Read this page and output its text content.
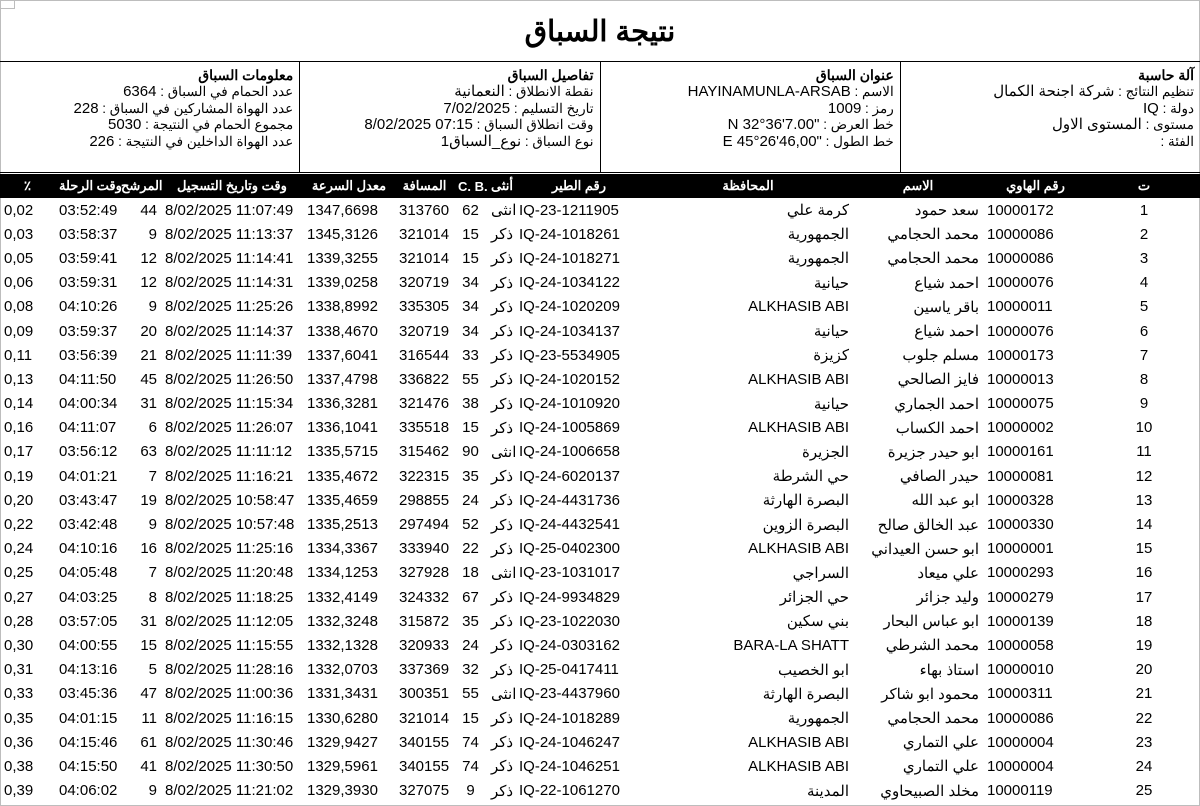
نتيجة السباق
آلة حاسبة
تنظيم النتائج : شركة اجنحة الكمال
دولة : IQ
مستوى : المستوى الاول
الفئة :
عنوان السباق
الاسم : HAYINAMUNLA-ARSAB
رمز : 1009
خط العرض : N 32°36'7.00"
خط الطول : E 45°26'46,00"
تفاصيل السباق
نقطة الانطلاق : النعمانية
تاريخ التسليم : 7/02/2025
وقت انطلاق السباق : 8/02/2025 07:15
نوع السباق : نوع_السباق1
معلومات السباق
عدد الحمام في السباق : 6364
عدد الهواة المشاركين في السباق : 228
مجموع الحمام في النتيجة : 5030
عدد الهواة الداخلين في النتيجة : 226
٪	وقت الرحلة	المرشح	وقت وتاريخ التسجيل	معدل السرعة	المسافة	C. B.	أنثى	رقم الطير	المحافظة	الاسم	رقم الهاوي	ت
0,02	03:52:49	44	8/02/2025 11:07:49	1347,6698	313760	62	انثى	IQ-23-1211905	كرمة علي	سعد حمود	10000172	1
0,03	03:58:37	9	8/02/2025 11:13:37	1345,3126	321014	15	ذكر	IQ-24-1018261	الجمهورية	محمد الحجامي	10000086	2
0,05	03:59:41	12	8/02/2025 11:14:41	1339,3255	321014	15	ذكر	IQ-24-1018271	الجمهورية	محمد الحجامي	10000086	3
0,06	03:59:31	12	8/02/2025 11:14:31	1339,0258	320719	34	ذكر	IQ-24-1034122	حيانية	احمد شياع	10000076	4
0,08	04:10:26	9	8/02/2025 11:25:26	1338,8992	335305	34	ذكر	IQ-24-1020209	ALKHASIB ABI	باقر ياسين	10000011	5
0,09	03:59:37	20	8/02/2025 11:14:37	1338,4670	320719	34	ذكر	IQ-24-1034137	حيانية	احمد شياع	10000076	6
0,11	03:56:39	21	8/02/2025 11:11:39	1337,6041	316544	33	ذكر	IQ-23-5534905	كزيزة	مسلم جلوب	10000173	7
0,13	04:11:50	45	8/02/2025 11:26:50	1337,4798	336822	55	ذكر	IQ-24-1020152	ALKHASIB ABI	فايز الصالحي	10000013	8
0,14	04:00:34	31	8/02/2025 11:15:34	1336,3281	321476	38	ذكر	IQ-24-1010920	حيانية	احمد الجماري	10000075	9
0,16	04:11:07	6	8/02/2025 11:26:07	1336,1041	335518	15	ذكر	IQ-24-1005869	ALKHASIB ABI	احمد الكساب	10000002	10
0,17	03:56:12	63	8/02/2025 11:11:12	1335,5715	315462	90	انثى	IQ-24-1006658	الجزيرة	ابو حيدر جزيرة	10000161	11
0,19	04:01:21	7	8/02/2025 11:16:21	1335,4672	322315	35	ذكر	IQ-24-6020137	حي الشرطة	حيدر الصافي	10000081	12
0,20	03:43:47	19	8/02/2025 10:58:47	1335,4659	298855	24	ذكر	IQ-24-4431736	البصرة الهارثة	ابو عبد الله	10000328	13
0,22	03:42:48	9	8/02/2025 10:57:48	1335,2513	297494	52	ذكر	IQ-24-4432541	البصرة الزوين	عبد الخالق صالح	10000330	14
0,24	04:10:16	16	8/02/2025 11:25:16	1334,3367	333940	22	ذكر	IQ-25-0402300	ALKHASIB ABI	ابو حسن العيداني	10000001	15
0,25	04:05:48	7	8/02/2025 11:20:48	1334,1253	327928	18	انثى	IQ-23-1031017	السراجي	علي ميعاد	10000293	16
0,27	04:03:25	8	8/02/2025 11:18:25	1332,4149	324332	67	ذكر	IQ-24-9934829	حي الجزائر	وليد جزائر	10000279	17
0,28	03:57:05	31	8/02/2025 11:12:05	1332,3248	315872	35	ذكر	IQ-23-1022030	بني سكين	ابو عباس البحار	10000139	18
0,30	04:00:55	15	8/02/2025 11:15:55	1332,1328	320933	24	ذكر	IQ-24-0303162	BARA-LA SHATT	محمد الشرطي	10000058	19
0,31	04:13:16	5	8/02/2025 11:28:16	1332,0703	337369	32	ذكر	IQ-25-0417411	ابو الخصيب	استاذ بهاء	10000010	20
0,33	03:45:36	47	8/02/2025 11:00:36	1331,3431	300351	55	انثى	IQ-23-4437960	البصرة الهارثة	محمود ابو شاكر	10000311	21
0,35	04:01:15	11	8/02/2025 11:16:15	1330,6280	321014	15	ذكر	IQ-24-1018289	الجمهورية	محمد الحجامي	10000086	22
0,36	04:15:46	61	8/02/2025 11:30:46	1329,9427	340155	74	ذكر	IQ-24-1046247	ALKHASIB ABI	علي التماري	10000004	23
0,38	04:15:50	41	8/02/2025 11:30:50	1329,5961	340155	74	ذكر	IQ-24-1046251	ALKHASIB ABI	علي التماري	10000004	24
0,39	04:06:02	9	8/02/2025 11:21:02	1329,3930	327075	9	ذكر	IQ-22-1061270	المدينة	مخلد الصبيحاوي	10000119	25
